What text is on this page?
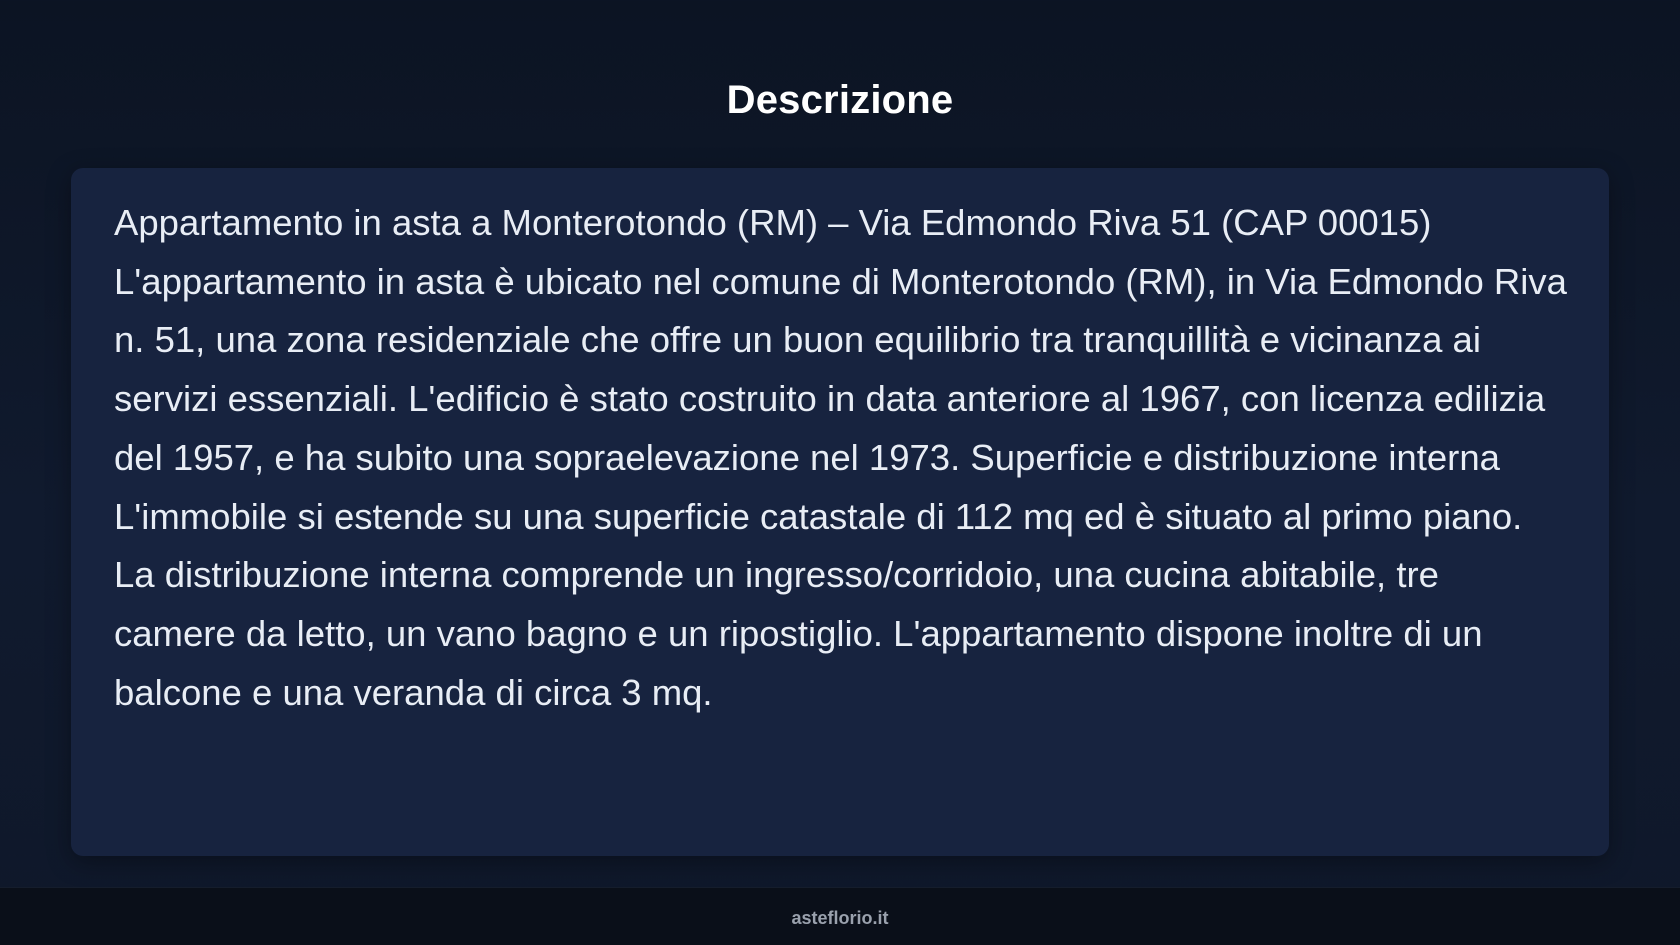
Descrizione

Appartamento in asta a Monterotondo (RM) – Via Edmondo Riva 51 (CAP 00015) L'appartamento in asta è ubicato nel comune di Monterotondo (RM), in Via Edmondo Riva n. 51, una zona residenziale che offre un buon equilibrio tra tranquillità e vicinanza ai servizi essenziali. L'edificio è stato costruito in data anteriore al 1967, con licenza edilizia del 1957, e ha subito una sopraelevazione nel 1973. Superficie e distribuzione interna L'immobile si estende su una superficie catastale di 112 mq ed è situato al primo piano. La distribuzione interna comprende un ingresso/corridoio, una cucina abitabile, tre camere da letto, un vano bagno e un ripostiglio. L'appartamento dispone inoltre di un balcone e una veranda di circa 3 mq.

asteflorio.it
